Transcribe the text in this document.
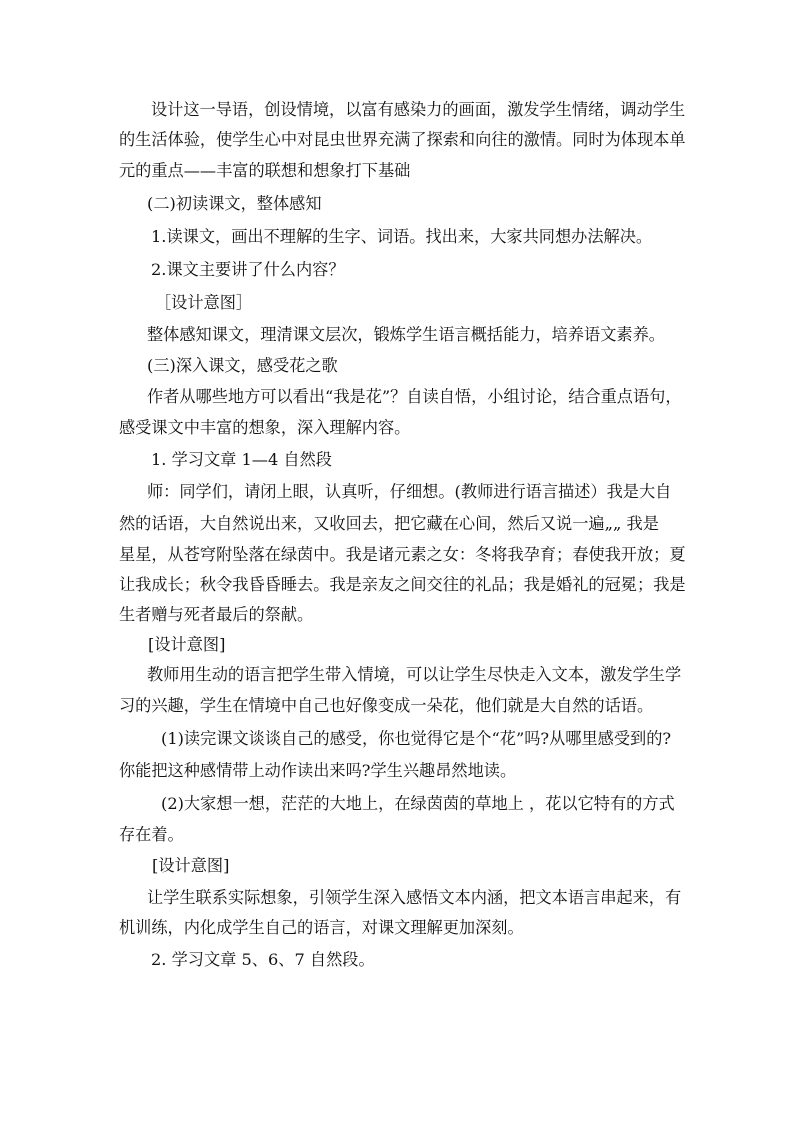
设计这一导语，创设情境，以富有感染力的画面，激发学生情绪，调动学生
的生活体验，使学生心中对昆虫世界充满了探索和向往的激情。同时为体现本单
元的重点——丰富的联想和想象打下基础
(二)初读课文，整体感知
1.读课文，画出不理解的生字、词语。找出来，大家共同想办法解决。
2.课文主要讲了什么内容？
［设计意图］
整体感知课文，理清课文层次，锻炼学生语言概括能力，培养语文素养。
(三)深入课文，感受花之歌
作者从哪些地方可以看出“我是花”？自读自悟，小组讨论，结合重点语句，
感受课文中丰富的想象，深入理解内容。
1. 学习文章 1—4 自然段
师：同学们，请闭上眼，认真听，仔细想。(教师进行语言描述）我是大自
然的话语，大自然说出来，又收回去，把它藏在心间，然后又说一遍„„ 我是
星星，从苍穹附坠落在绿茵中。我是诸元素之女：冬将我孕育；春使我开放；夏
让我成长；秋令我昏昏睡去。我是亲友之间交往的礼品；我是婚礼的冠冕；我是
生者赠与死者最后的祭献。
[设计意图]
教师用生动的语言把学生带入情境，可以让学生尽快走入文本，激发学生学
习的兴趣，学生在情境中自己也好像变成一朵花，他们就是大自然的话语。
(1)读完课文谈谈自己的感受，你也觉得它是个“花”吗?从哪里感受到的?
你能把这种感情带上动作读出来吗?学生兴趣昂然地读。
(2)大家想一想，茫茫的大地上，在绿茵茵的草地上 ，花以它特有的方式
存在着。
[设计意图]
让学生联系实际想象，引领学生深入感悟文本内涵，把文本语言串起来，有
机训练，内化成学生自己的语言，对课文理解更加深刻。
2. 学习文章 5、6、7 自然段。
